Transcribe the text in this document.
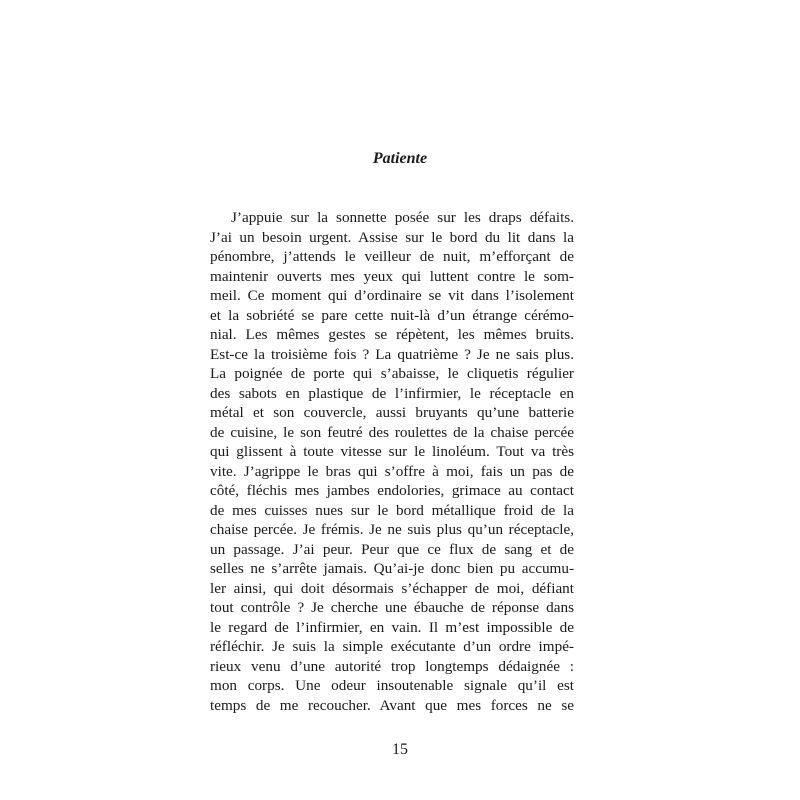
Patiente
J’appuie sur la sonnette posée sur les draps défaits.
J’ai un besoin urgent. Assise sur le bord du lit dans la
pénombre, j’attends le veilleur de nuit, m’efforçant de
maintenir ouverts mes yeux qui luttent contre le som-
meil. Ce moment qui d’ordinaire se vit dans l’isolement
et la sobriété se pare cette nuit-là d’un étrange cérémo-
nial. Les mêmes gestes se répètent, les mêmes bruits.
Est-ce la troisième fois ? La quatrième ? Je ne sais plus.
La poignée de porte qui s’abaisse, le cliquetis régulier
des sabots en plastique de l’infirmier, le réceptacle en
métal et son couvercle, aussi bruyants qu’une batterie
de cuisine, le son feutré des roulettes de la chaise percée
qui glissent à toute vitesse sur le linoléum. Tout va très
vite. J’agrippe le bras qui s’offre à moi, fais un pas de
côté, fléchis mes jambes endolories, grimace au contact
de mes cuisses nues sur le bord métallique froid de la
chaise percée. Je frémis. Je ne suis plus qu’un réceptacle,
un passage. J’ai peur. Peur que ce flux de sang et de
selles ne s’arrête jamais. Qu’ai-je donc bien pu accumu-
ler ainsi, qui doit désormais s’échapper de moi, défiant
tout contrôle ? Je cherche une ébauche de réponse dans
le regard de l’infirmier, en vain. Il m’est impossible de
réfléchir. Je suis la simple exécutante d’un ordre impé-
rieux venu d’une autorité trop longtemps dédaignée :
mon corps. Une odeur insoutenable signale qu’il est
temps de me recoucher. Avant que mes forces ne se

15
